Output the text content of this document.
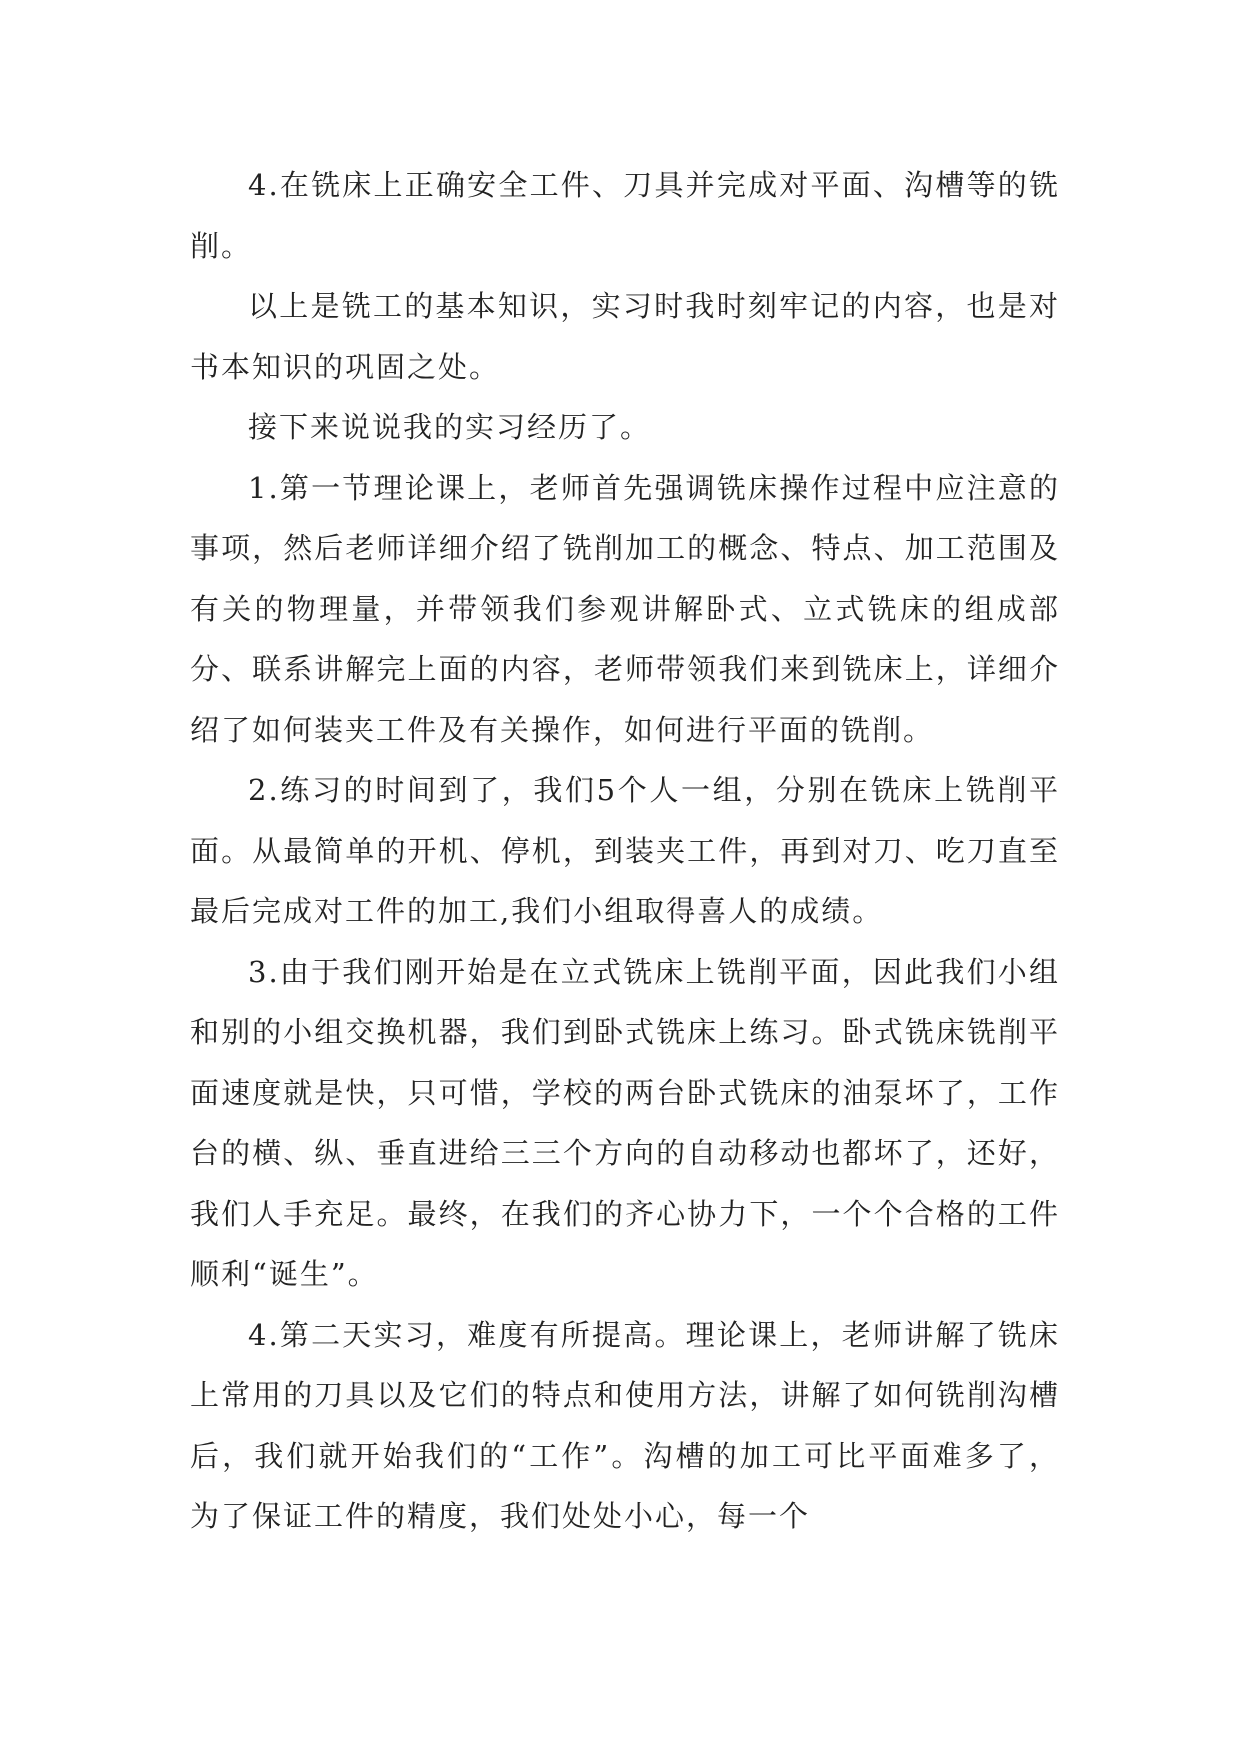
4.在铣床上正确安全工件、刀具并完成对平面、沟槽等的铣削。

以上是铣工的基本知识，实习时我时刻牢记的内容，也是对书本知识的巩固之处。

接下来说说我的实习经历了。

1.第一节理论课上，老师首先强调铣床操作过程中应注意的事项，然后老师详细介绍了铣削加工的概念、特点、加工范围及有关的物理量，并带领我们参观讲解卧式、立式铣床的组成部分、联系讲解完上面的内容，老师带领我们来到铣床上，详细介绍了如何装夹工件及有关操作，如何进行平面的铣削。

2.练习的时间到了，我们5个人一组，分别在铣床上铣削平面。从最简单的开机、停机，到装夹工件，再到对刀、吃刀直至最后完成对工件的加工,我们小组取得喜人的成绩。

3.由于我们刚开始是在立式铣床上铣削平面，因此我们小组和别的小组交换机器，我们到卧式铣床上练习。卧式铣床铣削平面速度就是快，只可惜，学校的两台卧式铣床的油泵坏了，工作台的横、纵、垂直进给三三个方向的自动移动也都坏了，还好，我们人手充足。最终，在我们的齐心协力下，一个个合格的工件顺利“诞生”。

4.第二天实习，难度有所提高。理论课上，老师讲解了铣床上常用的刀具以及它们的特点和使用方法，讲解了如何铣削沟槽后，我们就开始我们的“工作”。沟槽的加工可比平面难多了，为了保证工件的精度，我们处处小心，每一个
